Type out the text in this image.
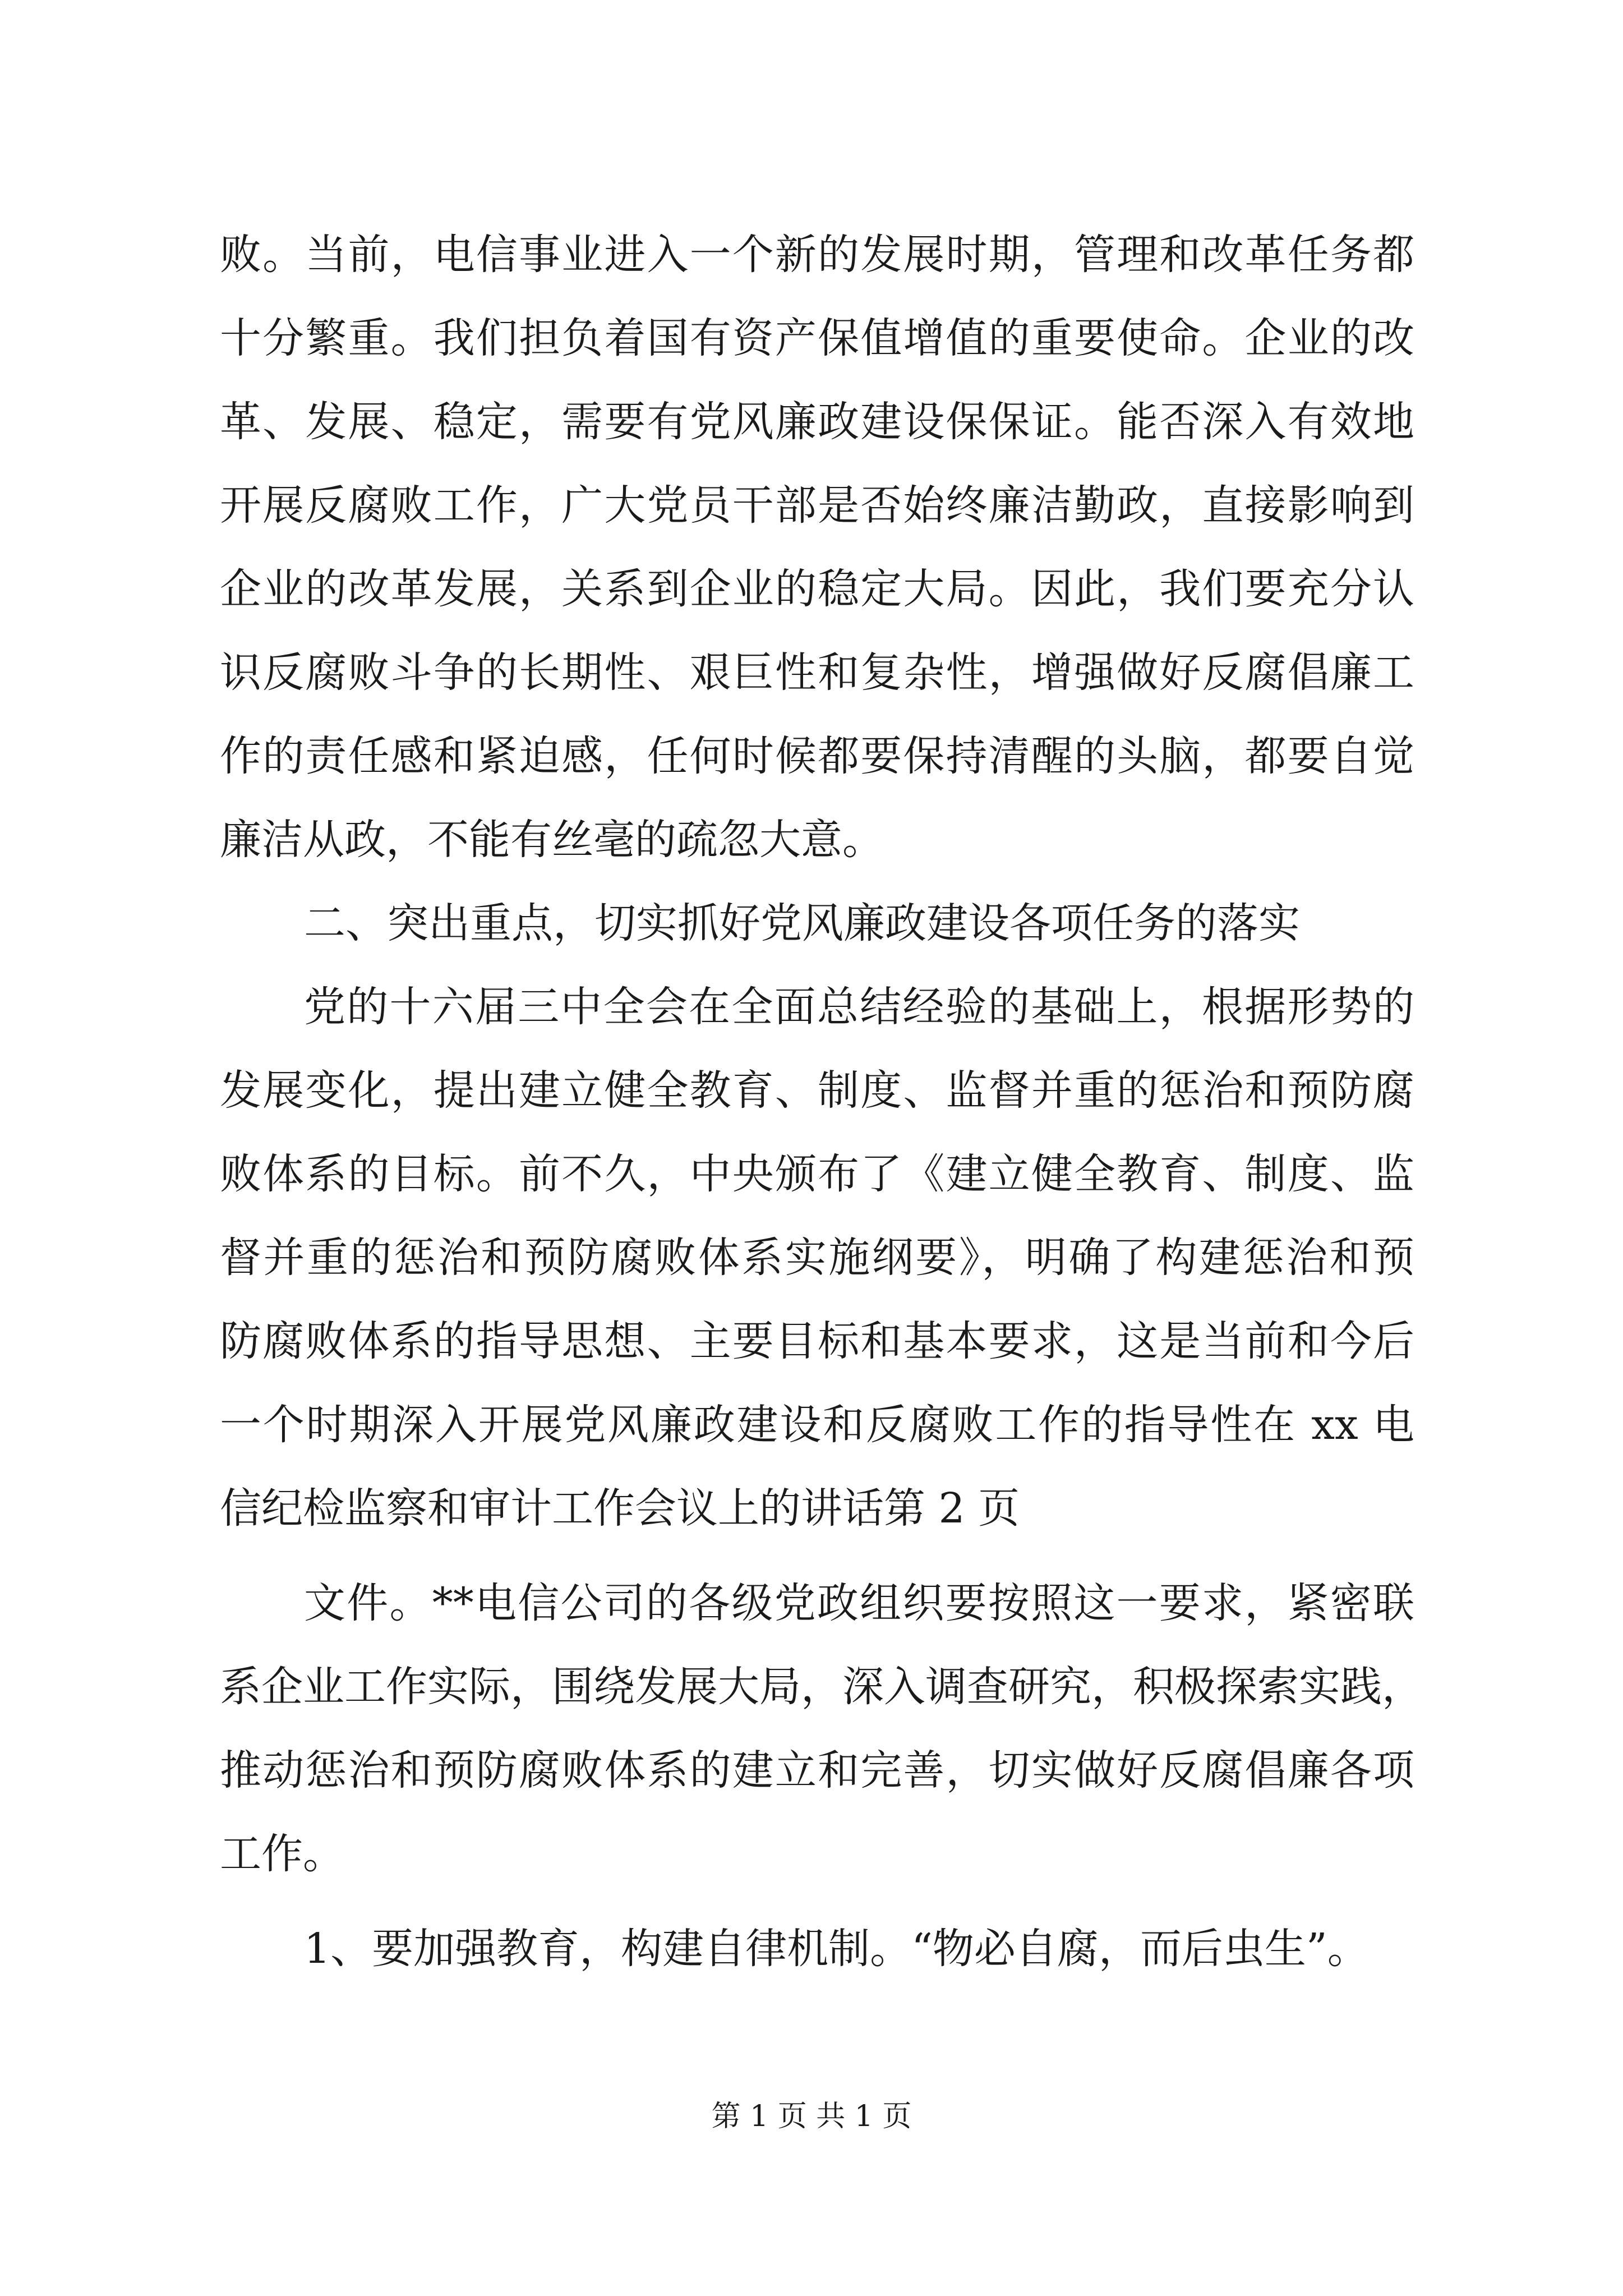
败。当前，电信事业进入一个新的发展时期，管理和改革任务都
十分繁重。我们担负着国有资产保值增值的重要使命。企业的改
革、发展、稳定，需要有党风廉政建设保保证。能否深入有效地
开展反腐败工作，广大党员干部是否始终廉洁勤政，直接影响到
企业的改革发展，关系到企业的稳定大局。因此，我们要充分认
识反腐败斗争的长期性、艰巨性和复杂性，增强做好反腐倡廉工
作的责任感和紧迫感，任何时候都要保持清醒的头脑，都要自觉
廉洁从政，不能有丝毫的疏忽大意。
二、突出重点，切实抓好党风廉政建设各项任务的落实
党的十六届三中全会在全面总结经验的基础上，根据形势的
发展变化，提出建立健全教育、制度、监督并重的惩治和预防腐
败体系的目标。前不久，中央颁布了《建立健全教育、制度、监
督并重的惩治和预防腐败体系实施纲要》，明确了构建惩治和预
防腐败体系的指导思想、主要目标和基本要求，这是当前和今后
一个时期深入开展党风廉政建设和反腐败工作的指导性在 xx 电
信纪检监察和审计工作会议上的讲话第 2 页
文件。**电信公司的各级党政组织要按照这一要求，紧密联
系企业工作实际，围绕发展大局，深入调查研究，积极探索实践，
推动惩治和预防腐败体系的建立和完善，切实做好反腐倡廉各项
工作。
1、要加强教育，构建自律机制。“物必自腐，而后虫生”。
第 1 页 共 1 页
